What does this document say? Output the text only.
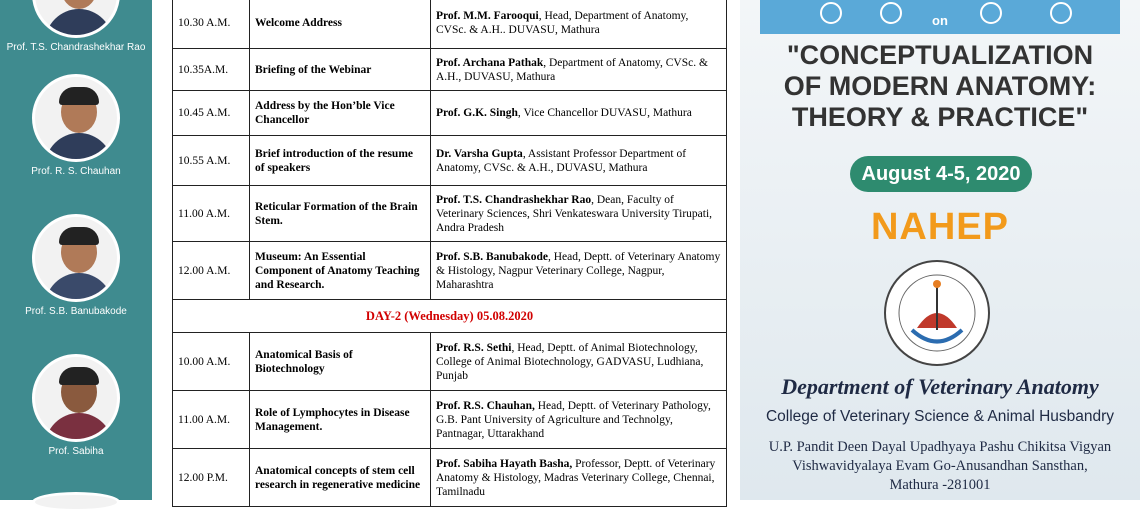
Prof. T.S. Chandrashekhar Rao
Prof. R. S. Chauhan
Prof. S.B. Banubakode
Prof. Sabiha
10.30 A.M.	Welcome Address	Prof. M.M. Farooqui, Head, Department of Anatomy, CVSc. & A.H.. DUVASU, Mathura
10.35A.M.	Briefing of the Webinar	Prof. Archana Pathak, Department of Anatomy, CVSc. & A.H., DUVASU, Mathura
10.45 A.M.	Address by the Hon’ble Vice Chancellor	Prof. G.K. Singh, Vice Chancellor DUVASU, Mathura
10.55 A.M.	Brief introduction of the resume of speakers	Dr. Varsha Gupta, Assistant Professor Department of Anatomy, CVSc. & A.H., DUVASU, Mathura
11.00 A.M.	Reticular Formation of the Brain Stem.	Prof. T.S. Chandrashekhar Rao, Dean, Faculty of Veterinary Sciences, Shri Venkateswara University Tirupati, Andra Pradesh
12.00 A.M.	Museum: An Essential Component of Anatomy Teaching and Research.	Prof. S.B. Banubakode, Head, Deptt. of Veterinary Anatomy & Histology, Nagpur Veterinary College, Nagpur, Maharashtra
DAY-2 (Wednesday) 05.08.2020		
10.00 A.M.	Anatomical Basis of Biotechnology	Prof. R.S. Sethi, Head, Deptt. of Animal Biotechnology, College of Animal Biotechnology, GADVASU, Ludhiana, Punjab
11.00 A.M.	Role of Lymphocytes in Disease Management.	Prof. R.S. Chauhan, Head, Deptt. of Veterinary Pathology, G.B. Pant University of Agriculture and Technolgy, Pantnagar, Uttarakhand
12.00 P.M.	Anatomical concepts of stem cell research in regenerative medicine	Prof. Sabiha Hayath Basha, Professor, Deptt. of Veterinary Anatomy & Histology, Madras Veterinary College, Chennai, Tamilnadu
on
"CONCEPTUALIZATION
OF MODERN ANATOMY:
THEORY & PRACTICE"
August 4-5, 2020
NAHEP
Department of Veterinary Anatomy
College of Veterinary Science & Animal Husbandry
U.P. Pandit Deen Dayal Upadhyaya Pashu Chikitsa Vigyan
Vishwavidyalaya Evam Go-Anusandhan Sansthan,
Mathura -281001
